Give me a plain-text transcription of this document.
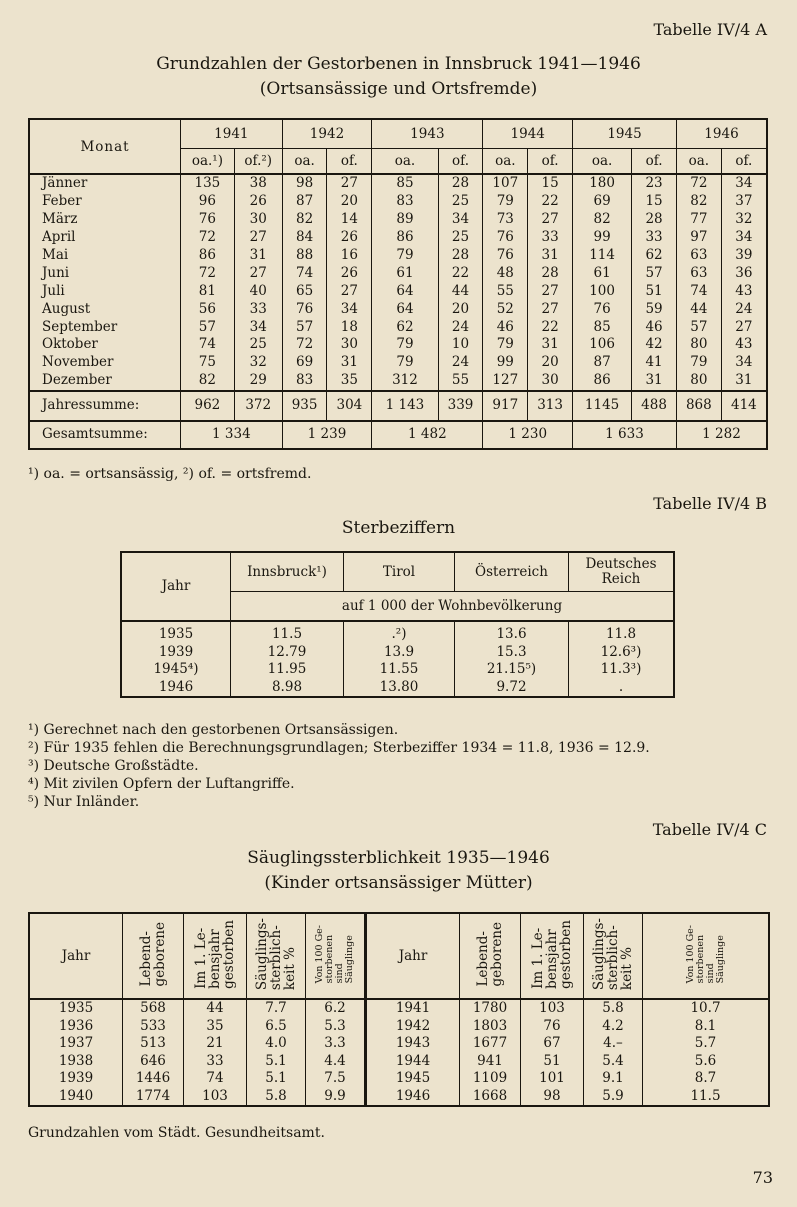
Tabelle IV/4 A
Grundzahlen der Gestorbenen in Innsbruck 1941—1946
(Ortsansässige und Ortsfremde)
Monat	1941		1942		1943		1944		1945		1946	
	oa.¹)	of.²)	oa.	of.	oa.	of.	oa.	of.	oa.	of.	oa.	of.
Jänner	135	38	98	27	85	28	107	15	180	23	72	34
Feber	96	26	87	20	83	25	79	22	69	15	82	37
März	76	30	82	14	89	34	73	27	82	28	77	32
April	72	27	84	26	86	25	76	33	99	33	97	34
Mai	86	31	88	16	79	28	76	31	114	62	63	39
Juni	72	27	74	26	61	22	48	28	61	57	63	36
Juli	81	40	65	27	64	44	55	27	100	51	74	43
August	56	33	76	34	64	20	52	27	76	59	44	24
September	57	34	57	18	62	24	46	22	85	46	57	27
Oktober	74	25	72	30	79	10	79	31	106	42	80	43
November	75	32	69	31	79	24	99	20	87	41	79	34
Dezember	82	29	83	35	312	55	127	30	86	31	80	31
Jahressumme:	962	372	935	304	1 143	339	917	313	1145	488	868	414
Gesamtsumme:	1 334		1 239		1 482		1 230		1 633		1 282	
¹) oa. = ortsansässig, ²) of. = ortsfremd.
Tabelle IV/4 B
Sterbeziffern
Jahr	Innsbruck¹)	Tirol	Österreich	Deutsches Reich
	auf 1 000 der Wohnbevölkerung			
1935	11.5	.²)	13.6	11.8
1939	12.79	13.9	15.3	12.6³)
1945⁴)	11.95	11.55	21.15⁵)	11.3³)
1946	8.98	13.80	9.72	.
¹) Gerechnet nach den gestorbenen Ortsansässigen.
²) Für 1935 fehlen die Berechnungsgrundlagen; Sterbeziffer 1934 = 11.8, 1936 = 12.9.
³) Deutsche Großstädte.
⁴) Mit zivilen Opfern der Luftangriffe.
⁵) Nur Inländer.
Tabelle IV/4 C
Säuglingssterblichkeit 1935—1946
(Kinder ortsansässiger Mütter)
Jahr	Lebend-
geborene	Im 1. Le-
bensjahr
gestorben	Säuglings-
sterblich-
keit %	Von 100 Ge-
storbenen
sind
Säuglinge	Jahr	Lebend-
geborene	Im 1. Le-
bensjahr
gestorben	Säuglings-
sterblich-
keit %	Von 100 Ge-
storbenen
sind
Säuglinge
1935	568	44	7.7	6.2	1941	1780	103	5.8	10.7
1936	533	35	6.5	5.3	1942	1803	76	4.2	8.1
1937	513	21	4.0	3.3	1943	1677	67	4.–	5.7
1938	646	33	5.1	4.4	1944	941	51	5.4	5.6
1939	1446	74	5.1	7.5	1945	1109	101	9.1	8.7
1940	1774	103	5.8	9.9	1946	1668	98	5.9	11.5
Grundzahlen vom Städt. Gesundheitsamt.
73
